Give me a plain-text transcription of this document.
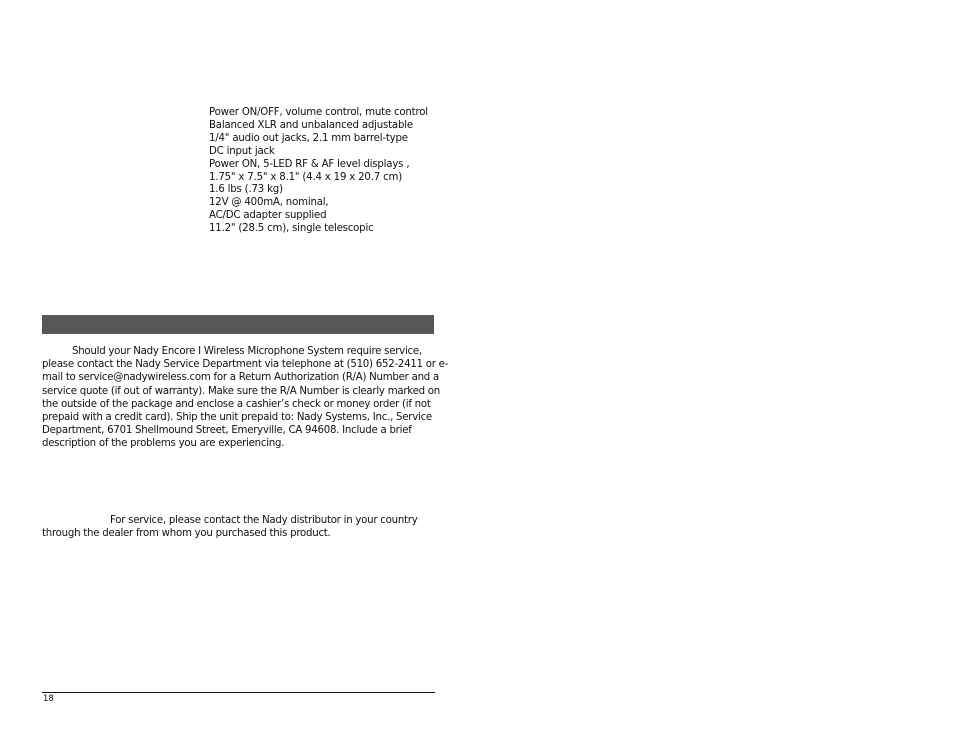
Power ON/OFF, volume control, mute control
Balanced XLR and unbalanced adjustable
1/4" audio out jacks, 2.1 mm barrel-type
DC input jack
Power ON, 5-LED RF & AF level displays ,
1.75" x 7.5" x 8.1" (4.4 x 19 x 20.7 cm)
1.6 lbs (.73 kg)
12V @ 400mA, nominal,
AC/DC adapter supplied
11.2" (28.5 cm), single telescopic
Should your Nady Encore I Wireless Microphone System require service,
please contact the Nady Service Department via telephone at (510) 652-2411 or e-
mail to service@nadywireless.com for a Return Authorization (R/A) Number and a
service quote (if out of warranty). Make sure the R/A Number is clearly marked on
the outside of the package and enclose a cashier’s check or money order (if not
prepaid with a credit card). Ship the unit prepaid to: Nady Systems, Inc., Service
Department, 6701 Shellmound Street, Emeryville, CA 94608. Include a brief
description of the problems you are experiencing.
For service, please contact the Nady distributor in your country
through the dealer from whom you purchased this product.
18
